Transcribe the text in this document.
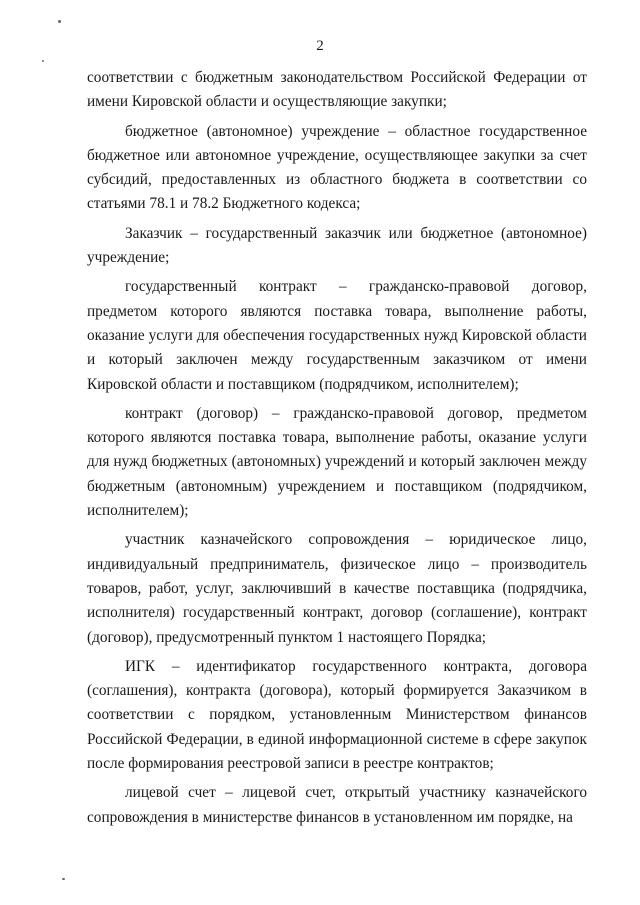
2

соответствии с бюджетным законодательством Российской Федерации от имени Кировской области и осуществляющие закупки;

бюджетное (автономное) учреждение – областное государственное бюджетное или автономное учреждение, осуществляющее закупки за счет субсидий, предоставленных из областного бюджета в соответствии со статьями 78.1 и 78.2 Бюджетного кодекса;

Заказчик – государственный заказчик или бюджетное (автономное) учреждение;

государственный контракт – гражданско-правовой договор, предметом которого являются поставка товара, выполнение работы, оказание услуги для обеспечения государственных нужд Кировской области и который заключен между государственным заказчиком от имени Кировской области и поставщиком (подрядчиком, исполнителем);

контракт (договор) – гражданско-правовой договор, предметом которого являются поставка товара, выполнение работы, оказание услуги для нужд бюджетных (автономных) учреждений и который заключен между бюджетным (автономным) учреждением и поставщиком (подрядчиком, исполнителем);

участник казначейского сопровождения – юридическое лицо, индивидуальный предприниматель, физическое лицо – производитель товаров, работ, услуг, заключивший в качестве поставщика (подрядчика, исполнителя) государственный контракт, договор (соглашение), контракт (договор), предусмотренный пунктом 1 настоящего Порядка;

ИГК – идентификатор государственного контракта, договора (соглашения), контракта (договора), который формируется Заказчиком в соответствии с порядком, установленным Министерством финансов Российской Федерации, в единой информационной системе в сфере закупок после формирования реестровой записи в реестре контрактов;

лицевой счет – лицевой счет, открытый участнику казначейского сопровождения в министерстве финансов в установленном им порядке, на
